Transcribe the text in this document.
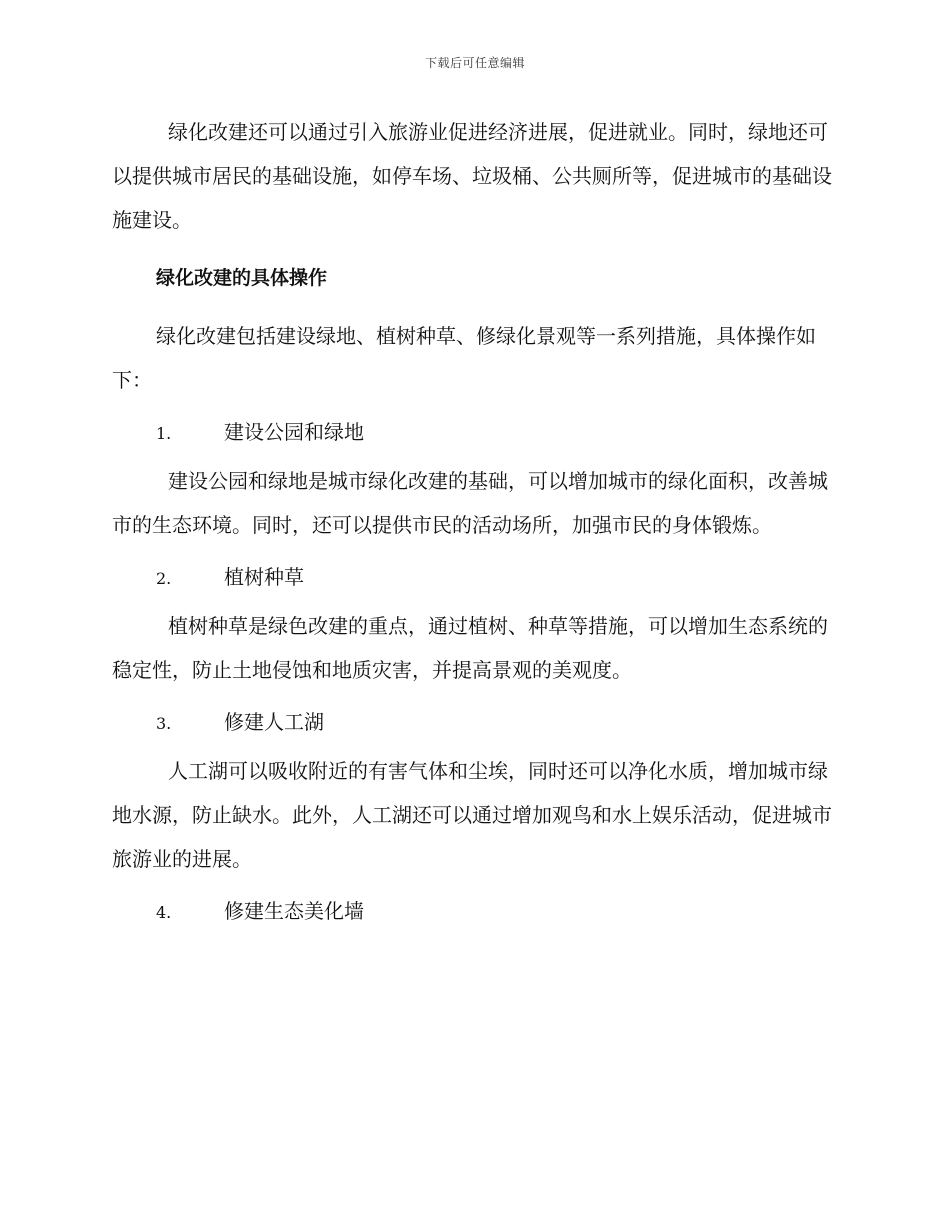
下载后可任意编辑

绿化改建还可以通过引入旅游业促进经济进展，促进就业。同时，绿地还可以提供城市居民的基础设施，如停车场、垃圾桶、公共厕所等，促进城市的基础设施建设。

绿化改建的具体操作

绿化改建包括建设绿地、植树种草、修绿化景观等一系列措施，具体操作如下：

1.	建设公园和绿地

建设公园和绿地是城市绿化改建的基础，可以增加城市的绿化面积，改善城市的生态环境。同时，还可以提供市民的活动场所，加强市民的身体锻炼。

2.	植树种草

植树种草是绿色改建的重点，通过植树、种草等措施，可以增加生态系统的稳定性，防止土地侵蚀和地质灾害，并提高景观的美观度。

3.	修建人工湖

人工湖可以吸收附近的有害气体和尘埃，同时还可以净化水质，增加城市绿地水源，防止缺水。此外，人工湖还可以通过增加观鸟和水上娱乐活动，促进城市旅游业的进展。

4.	修建生态美化墙
